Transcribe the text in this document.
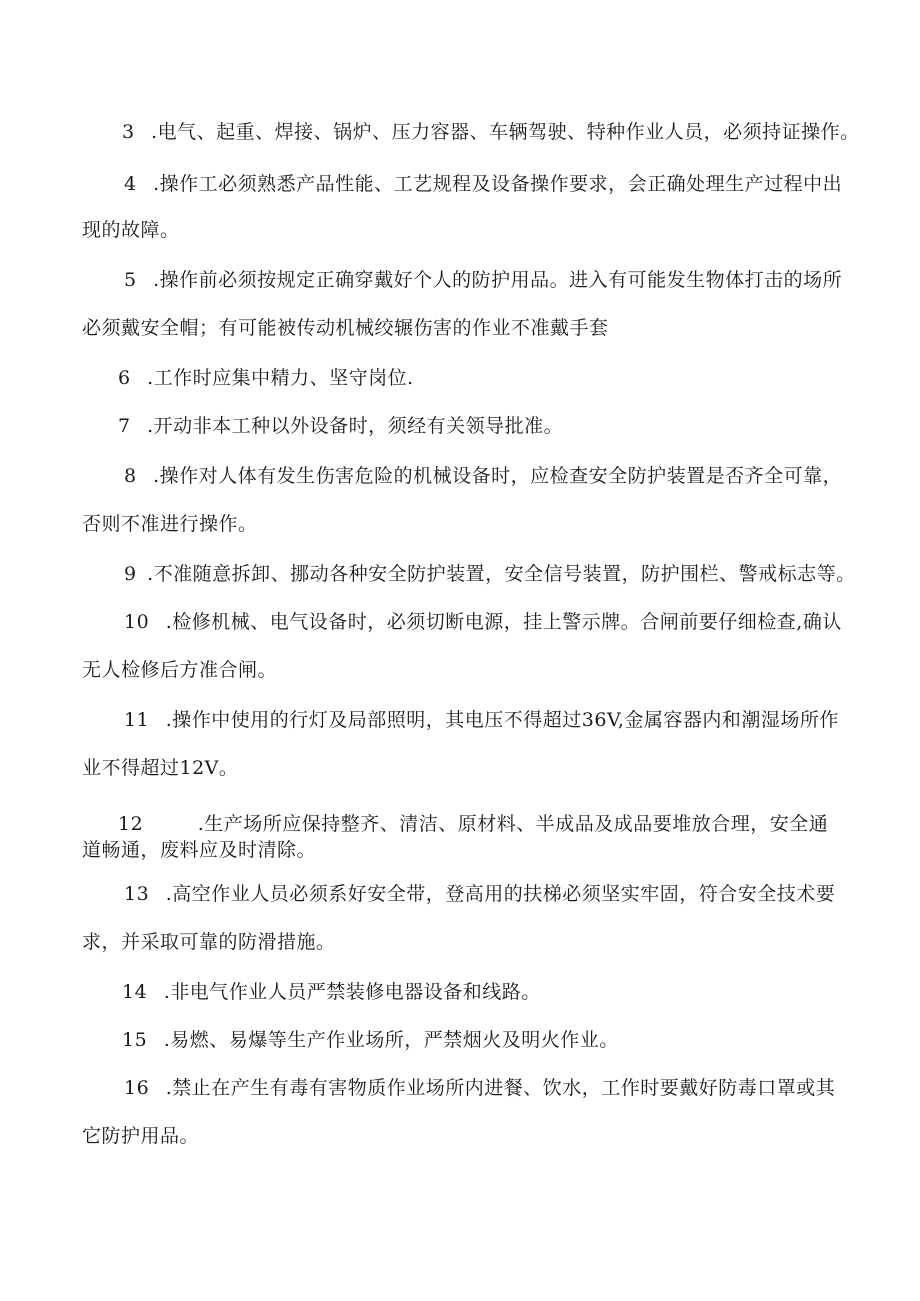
3 .电气、起重、焊接、锅炉、压力容器、车辆驾驶、特种作业人员，必须持证操作。
4 .操作工必须熟悉产品性能、工艺规程及设备操作要求，会正确处理生产过程中出
现的故障。
5 .操作前必须按规定正确穿戴好个人的防护用品。进入有可能发生物体打击的场所
必须戴安全帽；有可能被传动机械绞辗伤害的作业不准戴手套
6 .工作时应集中精力、坚守岗位.
7 .开动非本工种以外设备时，须经有关领导批准。
8 .操作对人体有发生伤害危险的机械设备时，应检查安全防护装置是否齐全可靠，
否则不准进行操作。
9 .不准随意拆卸、挪动各种安全防护装置，安全信号装置，防护围栏、警戒标志等。
10 .检修机械、电气设备时，必须切断电源，挂上警示牌。合闸前要仔细检查,确认
无人检修后方准合闸。
11 .操作中使用的行灯及局部照明，其电压不得超过36V,金属容器内和潮湿场所作
业不得超过12V。
12	.生产场所应保持整齐、清洁、原材料、半成品及成品要堆放合理，安全通
道畅通，废料应及时清除。
13 .高空作业人员必须系好安全带，登高用的扶梯必须坚实牢固，符合安全技术要
求，并采取可靠的防滑措施。
14 .非电气作业人员严禁装修电器设备和线路。
15 .易燃、易爆等生产作业场所，严禁烟火及明火作业。
16 .禁止在产生有毒有害物质作业场所内进餐、饮水，工作时要戴好防毒口罩或其
它防护用品。
